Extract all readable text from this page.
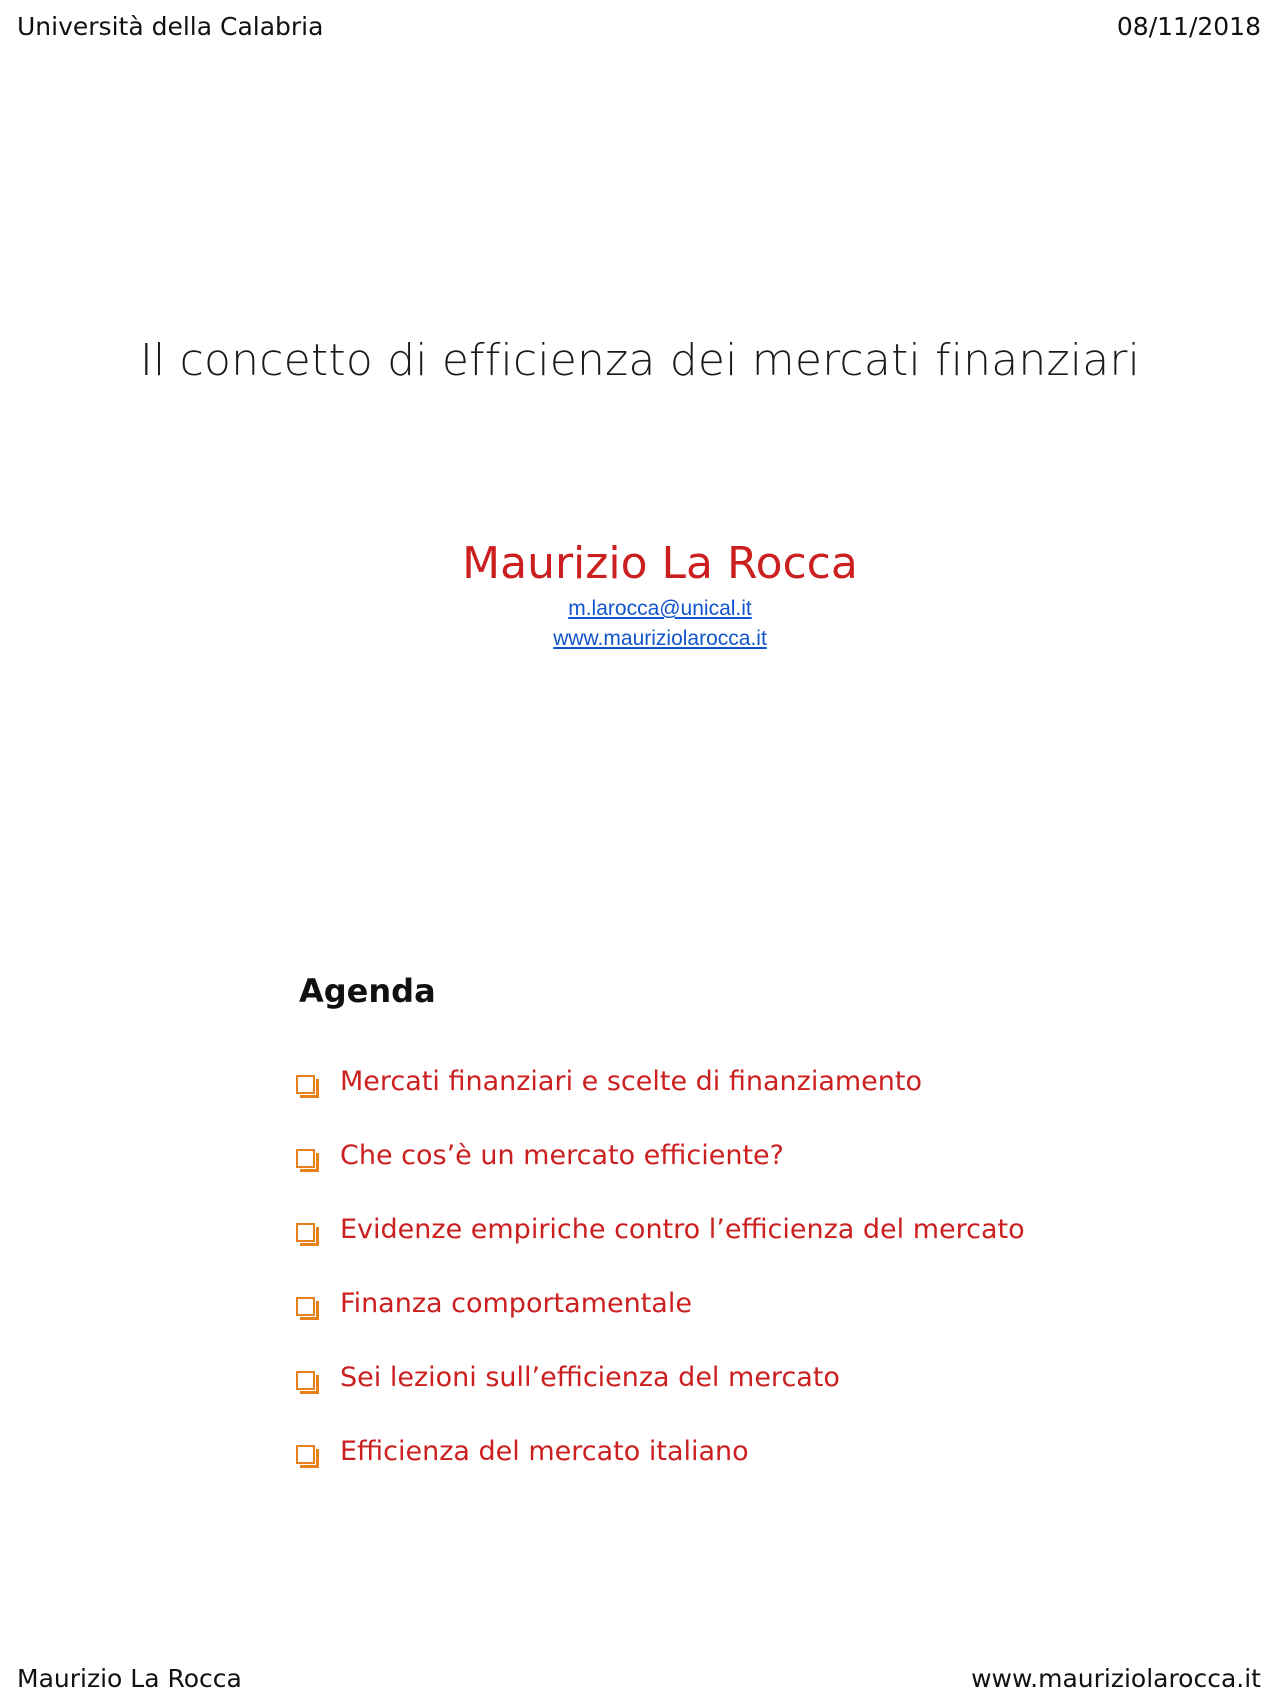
Università della Calabria	08/11/2018
Il concetto di efficienza dei mercati finanziari
Maurizio La Rocca
m.larocca@unical.it
www.mauriziolarocca.it
Agenda
Mercati finanziari e scelte di finanziamento
Che cos’è un mercato efficiente?
Evidenze empiriche contro l’efficienza del mercato
Finanza comportamentale
Sei lezioni sull’efficienza del mercato
Efficienza del mercato italiano
Maurizio La Rocca	www.mauriziolarocca.it
